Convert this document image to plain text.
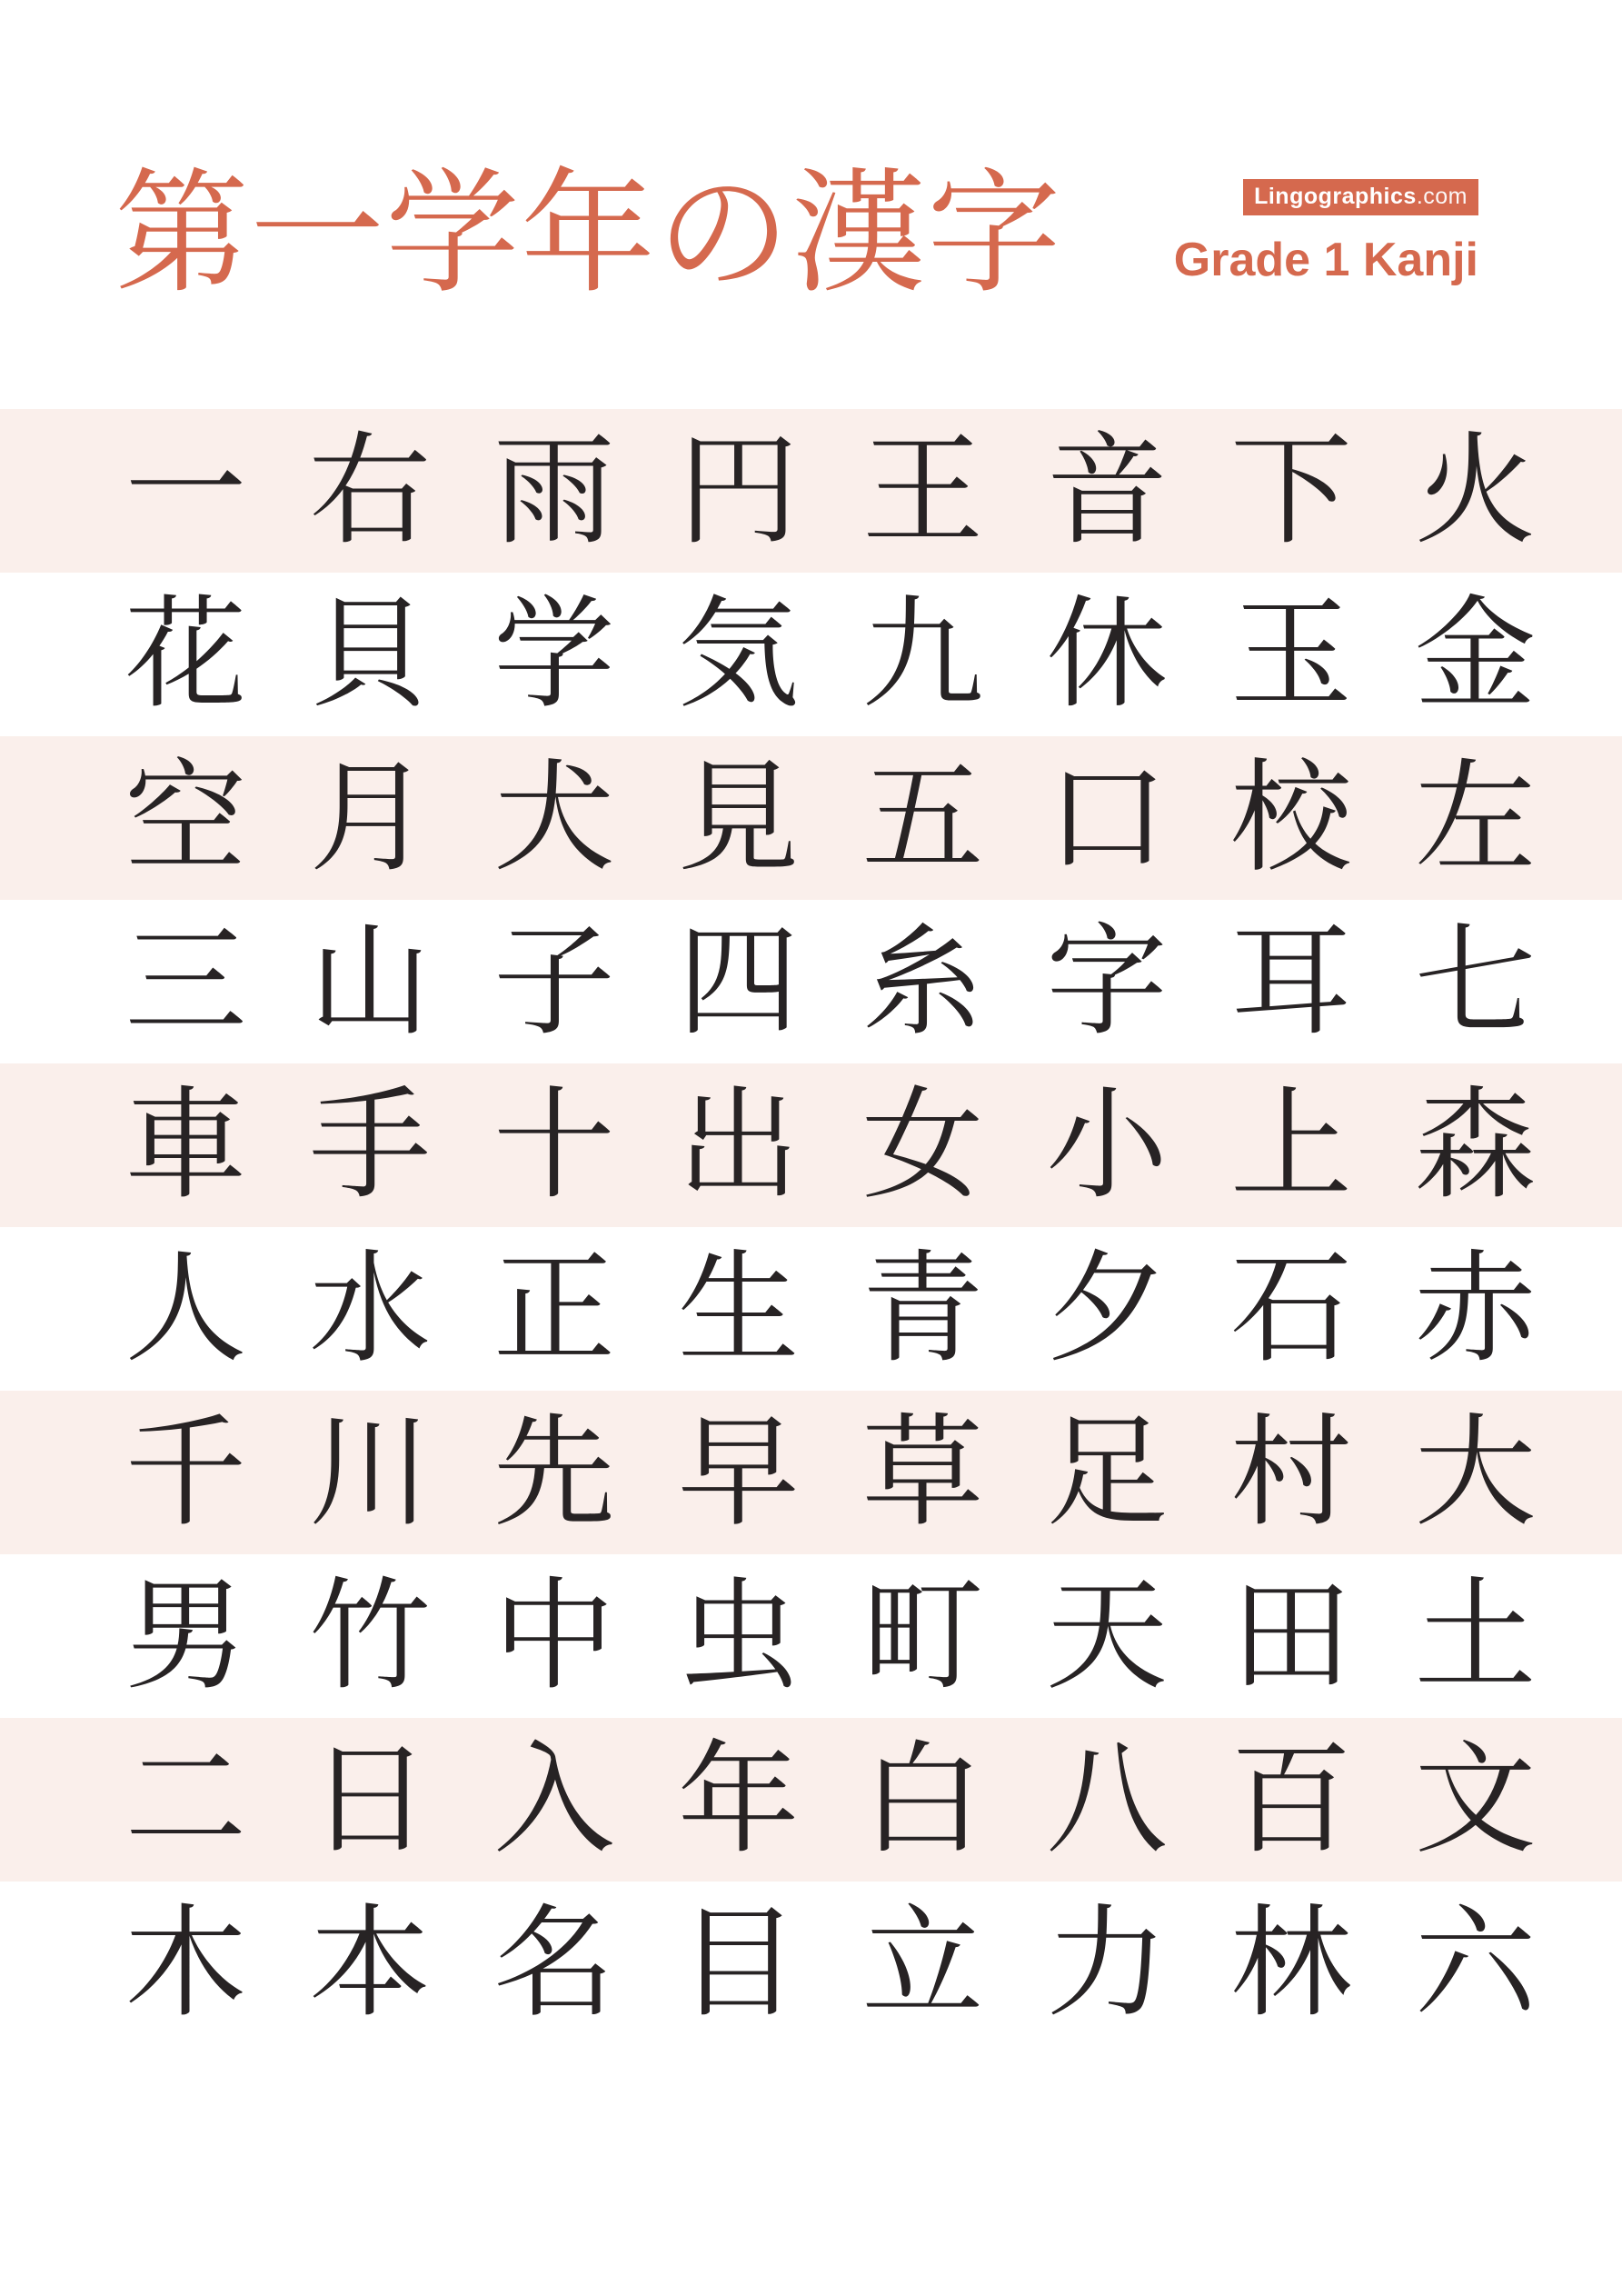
第一学年の漢字	Lingographics.com
Grade 1 Kanji
一 右 雨 円 王 音 下 火
花 貝 学 気 九 休 玉 金
空 月 犬 見 五 口 校 左
三 山 子 四 糸 字 耳 七
車 手 十 出 女 小 上 森
人 水 正 生 青 夕 石 赤
千 川 先 早 草 足 村 大
男 竹 中 虫 町 天 田 土
二 日 入 年 白 八 百 文
木 本 名 目 立 力 林 六
